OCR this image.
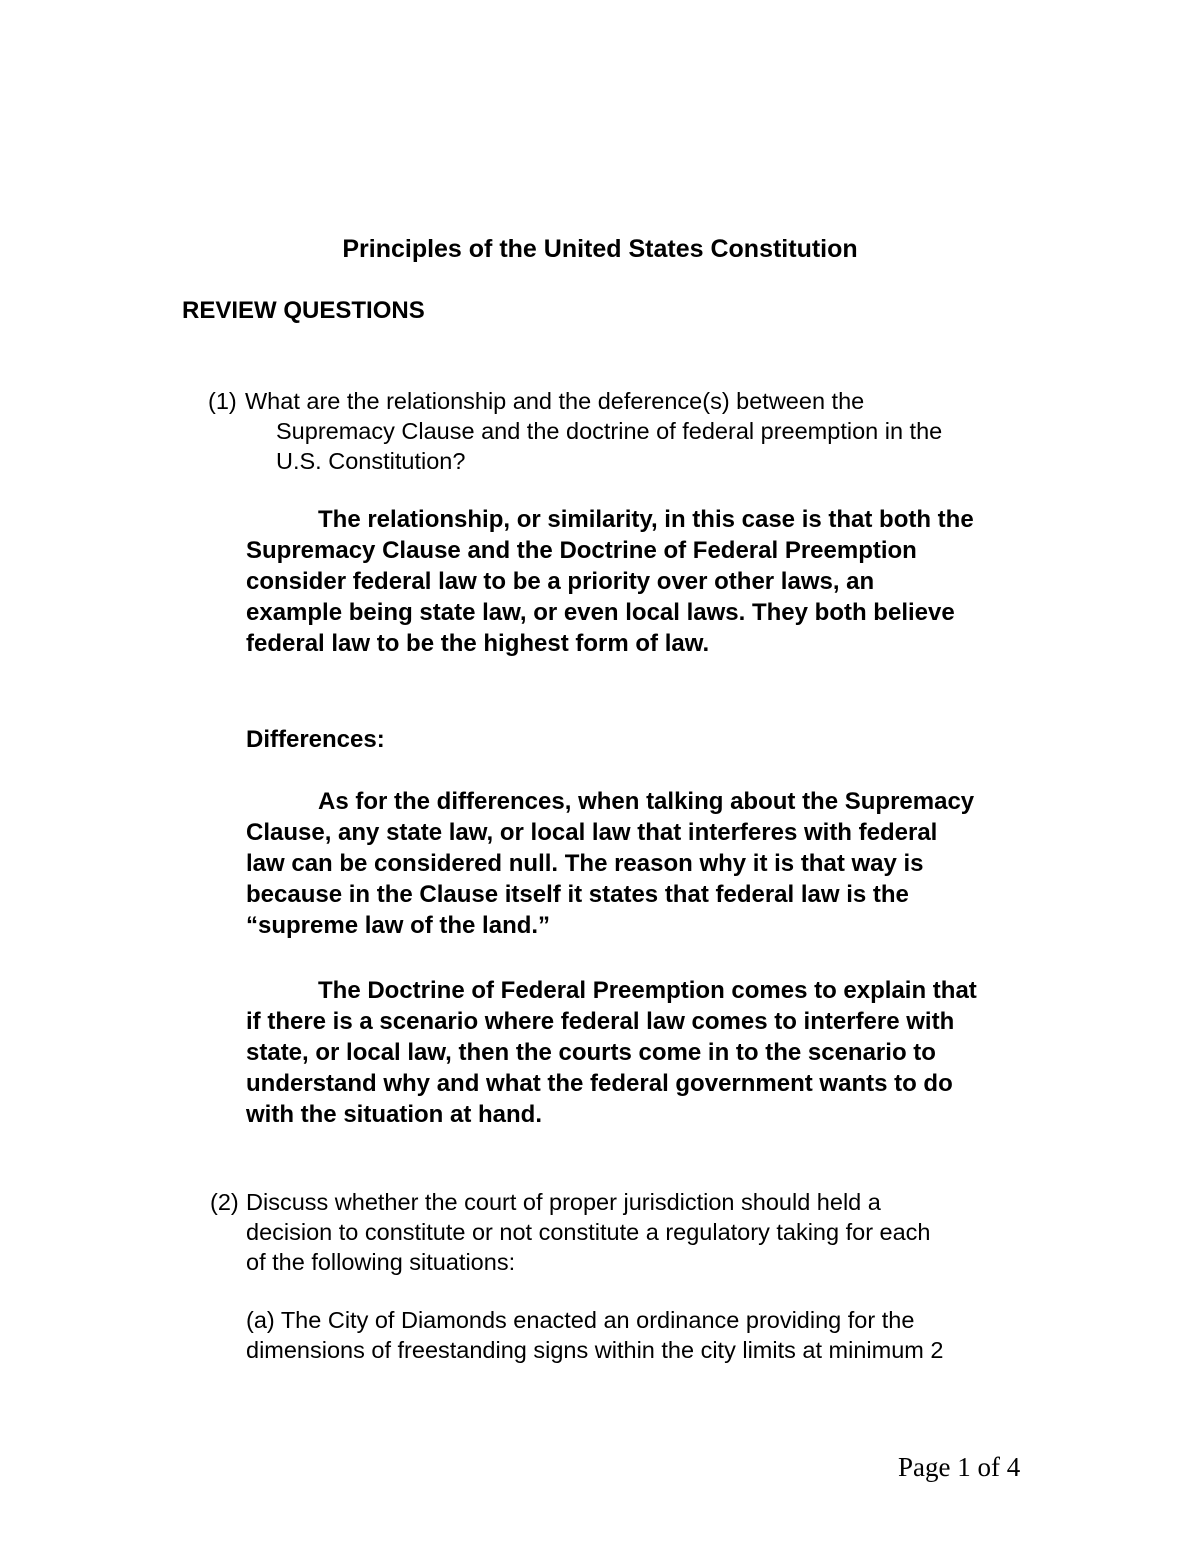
Principles of the United States Constitution
REVIEW QUESTIONS
(1) What are the relationship and the deference(s) between the
Supremacy Clause and the doctrine of federal preemption in the
U.S. Constitution?
The relationship, or similarity, in this case is that both the
Supremacy Clause and the Doctrine of Federal Preemption
consider federal law to be a priority over other laws, an
example being state law, or even local laws. They both believe
federal law to be the highest form of law.
Differences:
As for the differences, when talking about the Supremacy
Clause, any state law, or local law that interferes with federal
law can be considered null. The reason why it is that way is
because in the Clause itself it states that federal law is the
“supreme law of the land.”
The Doctrine of Federal Preemption comes to explain that
if there is a scenario where federal law comes to interfere with
state, or local law, then the courts come in to the scenario to
understand why and what the federal government wants to do
with the situation at hand.
(2) Discuss whether the court of proper jurisdiction should held a
decision to constitute or not constitute a regulatory taking for each
of the following situations:
(a) The City of Diamonds enacted an ordinance providing for the
dimensions of freestanding signs within the city limits at minimum 2
Page 1 of 4
